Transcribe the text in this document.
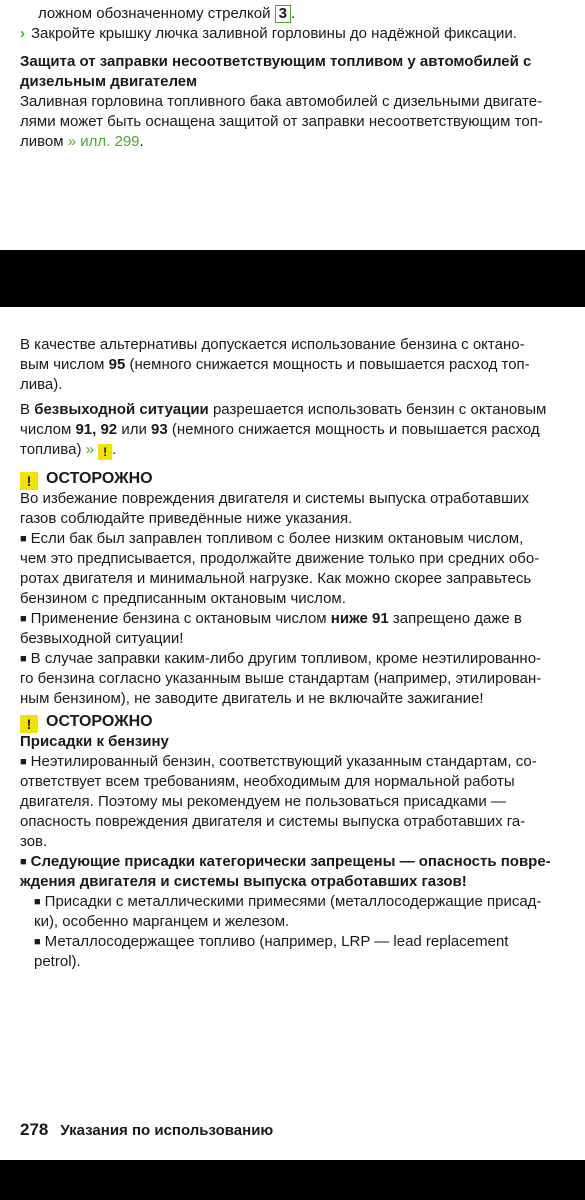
ложном обозначенному стрелкой 3 .
› Закройте крышку лючка заливной горловины до надёжной фиксации.
Защита от заправки несоответствующим топливом у автомобилей с
дизельным двигателем
Заливная горловина топливного бака автомобилей с дизельными двигате-
лями может быть оснащена защитой от заправки несоответствующим топ-
ливом » илл. 299.
В качестве альтернативы допускается использование бензина с октано-
вым числом 95 (немного снижается мощность и повышается расход топ-
лива).
В безвыходной ситуации разрешается использовать бензин с октановым
числом 91, 92 или 93 (немного снижается мощность и повышается расход
топлива) » ! .
! ОСТОРОЖНО
Во избежание повреждения двигателя и системы выпуска отработавших
газов соблюдайте приведённые ниже указания.
■ Если бак был заправлен топливом с более низким октановым числом,
чем это предписывается, продолжайте движение только при средних обо-
ротах двигателя и минимальной нагрузке. Как можно скорее заправьтесь
бензином с предписанным октановым числом.
■ Применение бензина с октановым числом ниже 91 запрещено даже в
безвыходной ситуации!
■ В случае заправки каким-либо другим топливом, кроме неэтилированно-
го бензина согласно указанным выше стандартам (например, этилирован-
ным бензином), не заводите двигатель и не включайте зажигание!
! ОСТОРОЖНО
Присадки к бензину
■ Неэтилированный бензин, соответствующий указанным стандартам, со-
ответствует всем требованиям, необходимым для нормальной работы
двигателя. Поэтому мы рекомендуем не пользоваться присадками —
опасность повреждения двигателя и системы выпуска отработавших га-
зов.
■ Следующие присадки категорически запрещены — опасность повре-
ждения двигателя и системы выпуска отработавших газов!
■ Присадки с металлическими примесями (металлосодержащие присад-
ки), особенно марганцем и железом.
■ Металлосодержащее топливо (например, LRP — lead replacement
petrol).
278 Указания по использованию
